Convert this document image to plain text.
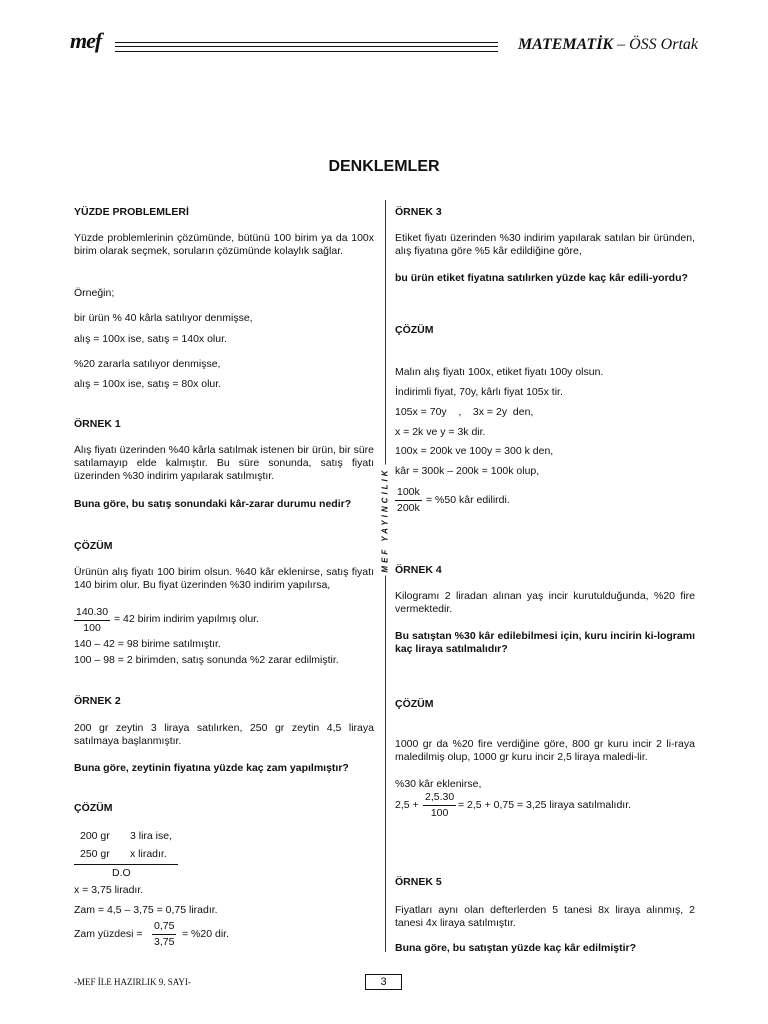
mef	MATEMATİK – ÖSS Ortak
DENKLEMLER
MEF YAYINCILIK
YÜZDE PROBLEMLERİ
Yüzde problemlerinin çözümünde, bütünü 100 birim ya da 100x birim olarak seçmek, soruların çözümünde kolaylık sağlar.
Örneğin;
bir ürün % 40 kârla satılıyor denmişse,
alış = 100x ise, satış = 140x olur.
%20 zararla satılıyor denmişse,
alış = 100x ise, satış = 80x olur.
ÖRNEK 1
Alış fiyatı üzerinden %40 kârla satılmak istenen bir ürün, bir süre satılamayıp elde kalmıştır. Bu süre sonunda, satış fiyatı üzerinden %30 indirim yapılarak satılmıştır.
Buna göre, bu satış sonundaki kâr-zarar durumu nedir?
ÇÖZÜM
Ürünün alış fiyatı 100 birim olsun. %40 kâr eklenirse, satış fiyatı 140 birim olur. Bu fiyat üzerinden %30 indirim yapılırsa,
$\frac{140.30}{100} = 42$ birim indirim yapılmış olur.
140 – 42 = 98 birime satılmıştır.
100 – 98 = 2 birimden, satış sonunda %2 zarar edilmiştir.
ÖRNEK 2
200 gr zeytin 3 liraya satılırken, 250 gr zeytin 4,5 liraya satılmaya başlanmıştır.
Buna göre, zeytinin fiyatına yüzde kaç zam yapılmıştır?
ÇÖZÜM
200 gr 3 lira ise,
250 gr x liradır.
D.O
x = 3,75 liradır.
Zam = 4,5 – 3,75 = 0,75 liradır.
Zam yüzdesi = $\frac{0,75}{3,75} = \%20$ dir.
ÖRNEK 3
Etiket fiyatı üzerinden %30 indirim yapılarak satılan bir üründen, alış fiyatına göre %5 kâr edildiğine göre,
bu ürün etiket fiyatına satılırken yüzde kaç kâr edili-yordu?
ÇÖZÜM
Malın alış fiyatı 100x, etiket fiyatı 100y olsun.
İndirimli fiyat, 70y, kârlı fiyat 105x tir.
105x = 70y    ,    3x = 2y  den,
x = 2k ve y = 3k dir.
100x = 200k ve 100y = 300 k den,
kâr = 300k – 200k = 100k olup,
$\frac{100k}{200k} = \%50$ kâr edilirdi.
ÖRNEK 4
Kilogramı 2 liradan alınan yaş incir kurutulduğunda, %20 fire vermektedir.
Bu satıştan %30 kâr edilebilmesi için, kuru incirin ki-logramı kaç liraya satılmalıdır?
ÇÖZÜM
1000 gr da %20 fire verdiğine göre, 800 gr kuru incir 2 li-raya maledilmiş olup, 1000 gr kuru incir 2,5 liraya maledi-lir.
%30 kâr eklenirse,
$2,5 + \frac{2,5.30}{100} = 2,5 + 0,75 = 3,25$ liraya satılmalıdır.
ÖRNEK 5
Fiyatları aynı olan defterlerden 5 tanesi 8x liraya alınmış, 2 tanesi 4x liraya satılmıştır.
Buna göre, bu satıştan yüzde kaç kâr edilmiştir?
-MEF İLE HAZIRLIK 9. SAYI-	3
